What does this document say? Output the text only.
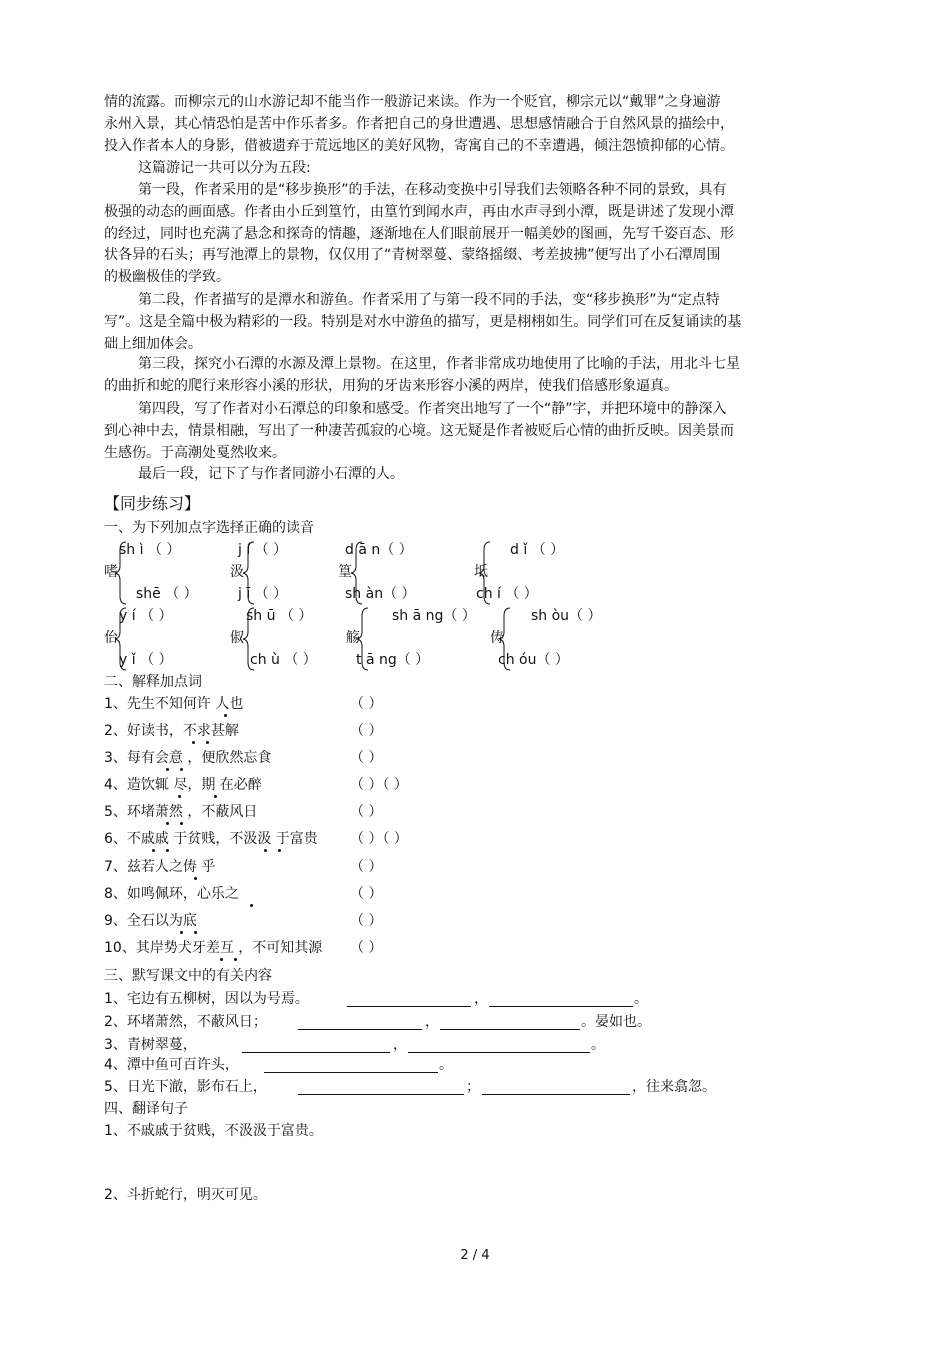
情的流露。而柳宗元的山水游记却不能当作一般游记来读。作为一个贬官，柳宗元以“戴罪”之身遍游
永州入景，其心情恐怕是苦中作乐者多。作者把自己的身世遭遇、思想感情融合于自然风景的描绘中，
投入作者本人的身影，借被遗弃于荒远地区的美好风物，寄寓自己的不幸遭遇，倾注怨愤抑郁的心情。
这篇游记一共可以分为五段:
第一段，作者采用的是“移步换形”的手法，在移动变换中引导我们去领略各种不同的景致，具有
极强的动态的画面感。作者由小丘到篁竹，由篁竹到闻水声，再由水声寻到小潭，既是讲述了发现小潭
的经过，同时也充满了悬念和探奇的情趣，逐渐地在人们眼前展开一幅美妙的图画，先写千姿百态、形
状各异的石头；再写池潭上的景物，仅仅用了“青树翠蔓、蒙络摇缀、考差披拂”便写出了小石潭周围
的极幽极佳的学致。
第二段，作者描写的是潭水和游鱼。作者采用了与第一段不同的手法，变“移步换形”为“定点特
写”。这是全篇中极为精彩的一段。特别是对水中游鱼的描写，更是栩栩如生。同学们可在反复诵读的基
础上细加体会。
第三段，探究小石潭的水源及潭上景物。在这里，作者非常成功地使用了比喻的手法，用北斗七星
的曲折和蛇的爬行来形容小溪的形状，用狗的牙齿来形容小溪的两岸，使我们倍感形象逼真。
第四段，写了作者对小石潭总的印象和感受。作者突出地写了一个“静”字，并把环境中的静深入
到心神中去，情景相融，写出了一种凄苦孤寂的心境。这无疑是作者被贬后心情的曲折反映。因美景而
生感伤。于高潮处戛然收来。
最后一段，记下了与作者同游小石潭的人。
【同步练习】
一、为下列加点字选择正确的读音
sh ì （ ）
嗜
shē （ ）
j í （ ）
汲
j ī （ ）
d ā n（ ）
篁
sh àn（ ）
d ǐ （ ）
坻
ch í （ ）
y í （ ）
佁
y ǐ （ ）
sh ū （ ）
俶
ch ù （ ）
sh ā ng（ ）
觞
t ā ng（ ）
sh òu（ ）
俦
ch óu（ ）
二、解释加点词
1、先生不知何许 人也	（ ）
2、好读书，不求甚解	（ ）
3、每有会意 ，便欣然忘食	（ ）
4、造饮辄 尽，期 在必醉	（ ）（ ）
5、环堵萧然 ，不蔽风日	（ ）
6、不戚戚 于贫贱，不汲汲 于富贵 （ ）（ ）
7、兹若人之俦 乎	（ ）
8、如鸣佩环，心乐之	（ ）
9、全石以为底	（ ）
10、其岸势犬牙差互 ，不可知其源 （ ）
三、默写课文中的有关内容
1、宅边有五柳树，因以为号焉。	，	。
2、环堵萧然，不蔽风日；	，	。晏如也。
3、青树翠蔓，	，	。
4、潭中鱼可百许头，	。
5、日光下澈，影布石上，	；	，往来翕忽。
四、翻译句子
1、不戚戚于贫贱，不汲汲于富贵。
2、斗折蛇行，明灭可见。
2 / 4
